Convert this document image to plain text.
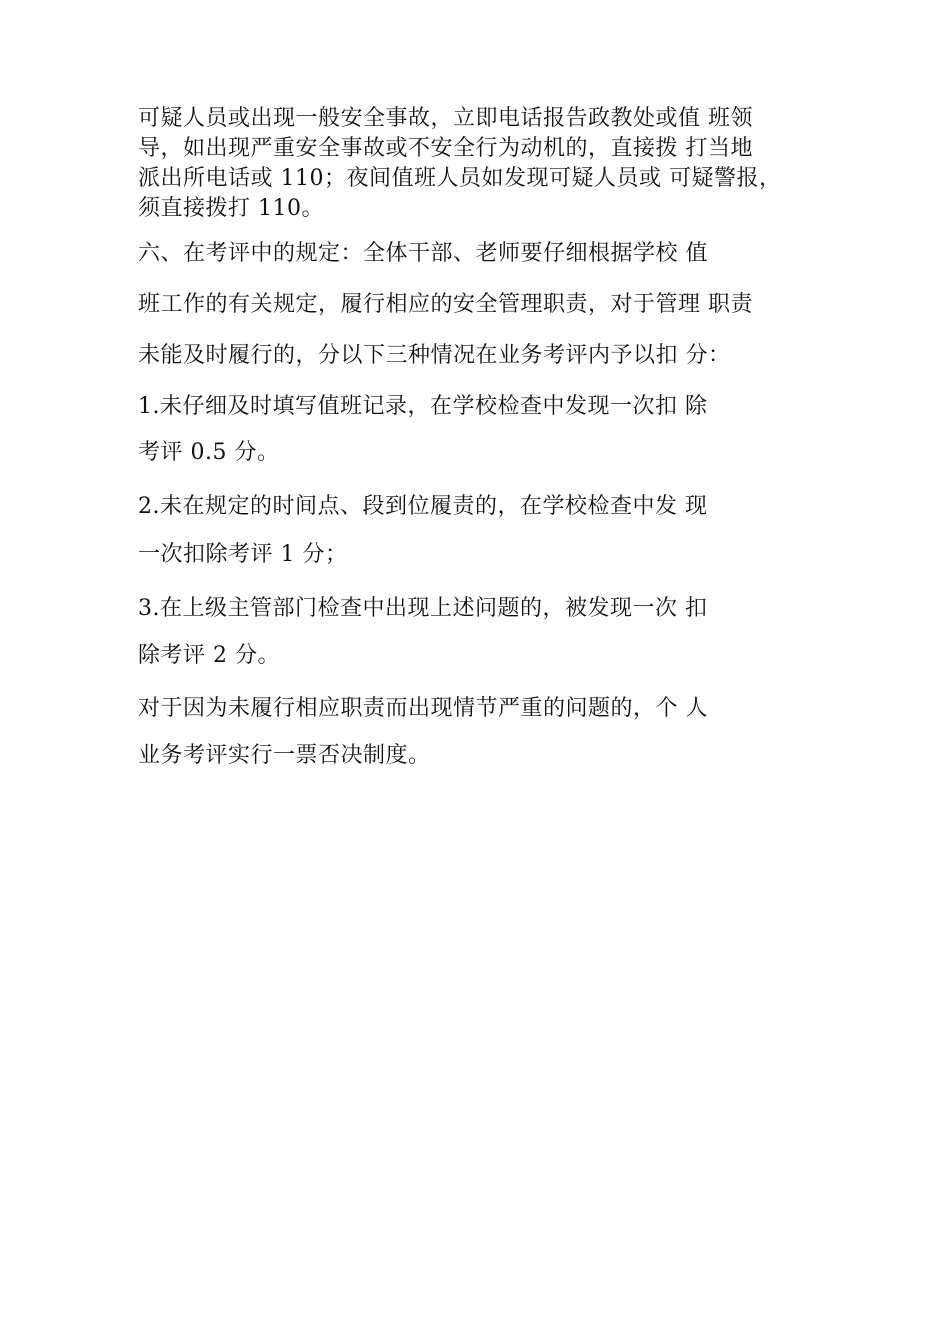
可疑人员或出现一般安全事故，立即电话报告政教处或值 班领
导，如出现严重安全事故或不安全行为动机的，直接拨 打当地
派出所电话或 110；夜间值班人员如发现可疑人员或 可疑警报，
须直接拨打 110。
六、在考评中的规定：全体干部、老师要仔细根据学校 值
班工作的有关规定，履行相应的安全管理职责，对于管理 职责
未能及时履行的，分以下三种情况在业务考评内予以扣 分：
1.未仔细及时填写值班记录，在学校检查中发现一次扣 除
考评 0.5 分。
2.未在规定的时间点、段到位履责的，在学校检查中发 现
一次扣除考评 1 分；
3.在上级主管部门检查中出现上述问题的，被发现一次 扣
除考评 2 分。
对于因为未履行相应职责而出现情节严重的问题的，个 人
业务考评实行一票否决制度。
